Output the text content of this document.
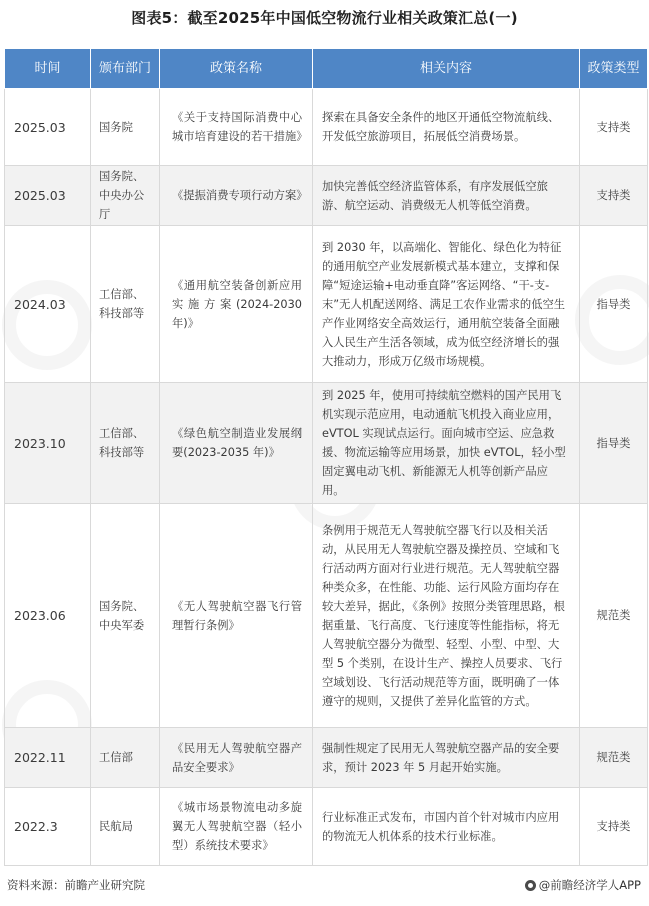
图表5：截至2025年中国低空物流行业相关政策汇总(一)
时间	颁布部门	政策名称	相关内容	政策类型
2025.03	国务院	《关于支持国际消费中心城市培育建设的若干措施》	探索在具备安全条件的地区开通低空物流航线、开发低空旅游项目，拓展低空消费场景。	支持类
2025.03	国务院、中央办公厅	《提振消费专项行动方案》	加快完善低空经济监管体系，有序发展低空旅游、航空运动、消费级无人机等低空消费。	支持类
2024.03	工信部、科技部等	《通用航空装备创新应用实施方案(2024-2030年)》	到 2030 年，以高端化、智能化、绿色化为特征的通用航空产业发展新模式基本建立，支撑和保障“短途运输+电动垂直降”客运网络、“干-支-末”无人机配送网络、满足工农作业需求的低空生产作业网络安全高效运行，通用航空装备全面融入人民生产生活各领域，成为低空经济增长的强大推动力，形成万亿级市场规模。	指导类
2023.10	工信部、科技部等	《绿色航空制造业发展纲要(2023-2035 年)》	到 2025 年，使用可持续航空燃料的国产民用飞机实现示范应用，电动通航飞机投入商业应用，eVTOL 实现试点运行。面向城市空运、应急救援、物流运输等应用场景，加快 eVTOL，轻小型固定翼电动飞机、新能源无人机等创新产品应用。	指导类
2023.06	国务院、中央军委	《无人驾驶航空器飞行管理暂行条例》	条例用于规范无人驾驶航空器飞行以及相关活动，从民用无人驾驶航空器及操控员、空域和飞行活动两方面对行业进行规范。无人驾驶航空器种类众多，在性能、功能、运行风险方面均存在较大差异，据此，《条例》按照分类管理思路，根据重量、飞行高度、飞行速度等性能指标，将无人驾驶航空器分为微型、轻型、小型、中型、大型 5 个类别，在设计生产、操控人员要求、飞行空域划设、飞行活动规范等方面，既明确了一体遵守的规则，又提供了差异化监管的方式。	规范类
2022.11	工信部	《民用无人驾驶航空器产品安全要求》	强制性规定了民用无人驾驶航空器产品的安全要求，预计 2023 年 5 月起开始实施。	规范类
2022.3	民航局	《城市场景物流电动多旋翼无人驾驶航空器（轻小型）系统技术要求》	行业标准正式发布，市国内首个针对城市内应用的物流无人机体系的技术行业标准。	支持类
资料来源：前瞻产业研究院	@前瞻经济学人APP
